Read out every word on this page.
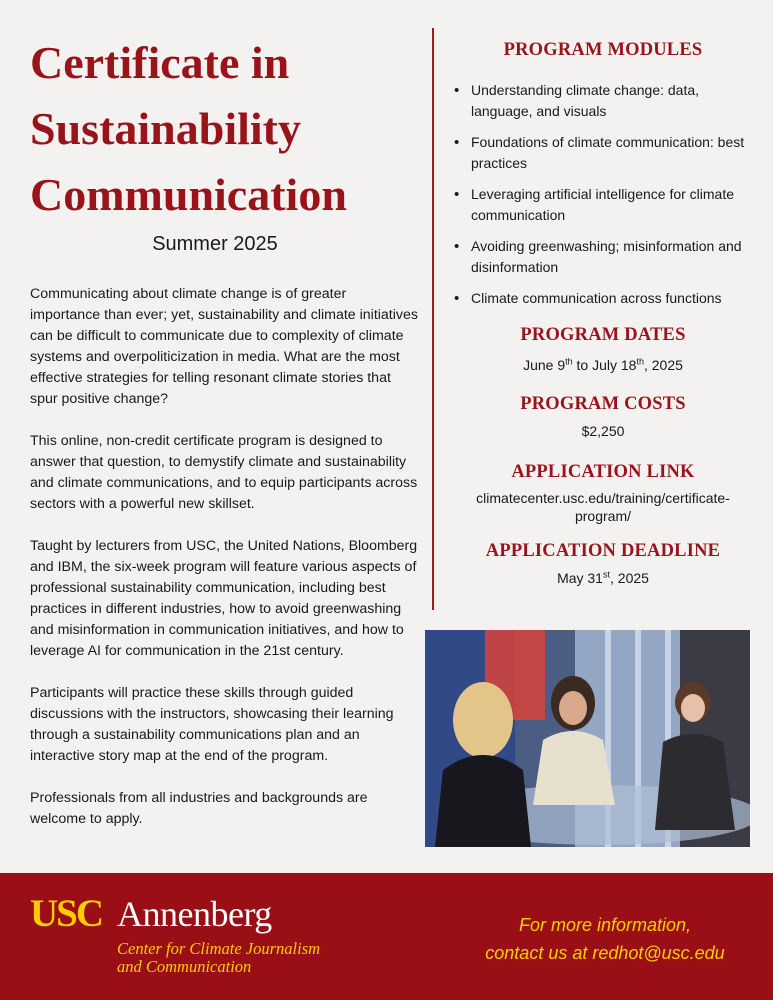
Certificate in Sustainability Communication
Summer 2025

Communicating about climate change is of greater importance than ever; yet, sustainability and climate initiatives can be difficult to communicate due to complexity of climate systems and overpoliticization in media. What are the most effective strategies for telling resonant climate stories that spur positive change?

This online, non-credit certificate program is designed to answer that question, to demystify climate and sustainability and climate communications, and to equip participants across sectors with a powerful new skillset.

Taught by lecturers from USC, the United Nations, Bloomberg and IBM, the six-week program will feature various aspects of professional sustainability communication, including best practices in different industries, how to avoid greenwashing and misinformation in communication initiatives, and how to leverage AI for communication in the 21st century.

Participants will practice these skills through guided discussions with the instructors, showcasing their learning through a sustainability communications plan and an interactive story map at the end of the program.

Professionals from all industries and backgrounds are welcome to apply.

PROGRAM MODULES
• Understanding climate change: data, language, and visuals
• Foundations of climate communication: best practices
• Leveraging artificial intelligence for climate communication
• Avoiding greenwashing; misinformation and disinformation
• Climate communication across functions
PROGRAM DATES
June 9th to July 18th, 2025
PROGRAM COSTS
$2,250
APPLICATION LINK
climatecenter.usc.edu/training/certificate-program/
APPLICATION DEADLINE
May 31st, 2025
USC Annenberg
Center for Climate Journalism
and Communication
For more information,
contact us at redhot@usc.edu
